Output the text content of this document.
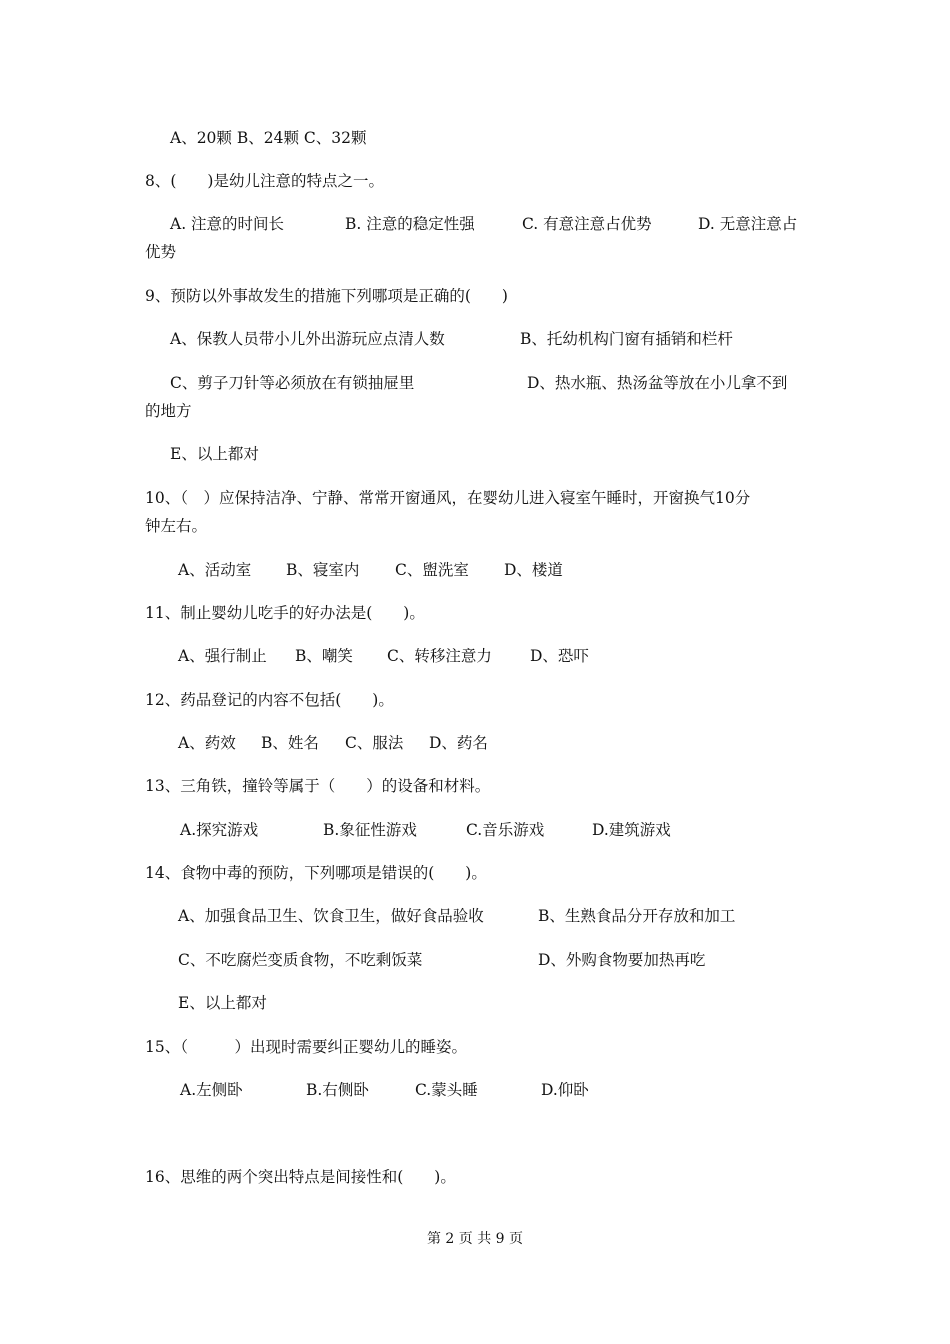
A、20颗 B、24颗 C、32颗
8、(　　)是幼儿注意的特点之一。
A. 注意的时间长	B. 注意的稳定性强	C. 有意注意占优势	D. 无意注意占
优势
9、预防以外事故发生的措施下列哪项是正确的(　　)
A、保教人员带小儿外出游玩应点清人数	B、托幼机构门窗有插销和栏杆
C、剪子刀针等必须放在有锁抽屉里	D、热水瓶、热汤盆等放在小儿拿不到
的地方
E、以上都对
10、（　）应保持洁净、宁静、常常开窗通风，在婴幼儿进入寝室午睡时，开窗换气10分
钟左右。
A、活动室 B、寝室内 C、盥洗室 D、楼道
11、制止婴幼儿吃手的好办法是(　　)。
A、强行制止 B、嘲笑 C、转移注意力 D、恐吓
12、药品登记的内容不包括(　　)。
A、药效 B、姓名 C、服法 D、药名
13、三角铁，撞铃等属于（　　）的设备和材料。
A.探究游戏	B.象征性游戏	C.音乐游戏	D.建筑游戏
14、食物中毒的预防，下列哪项是错误的(　　)。
A、加强食品卫生、饮食卫生，做好食品验收	B、生熟食品分开存放和加工
C、不吃腐烂变质食物，不吃剩饭菜	D、外购食物要加热再吃
E、以上都对
15、（　　　）出现时需要纠正婴幼儿的睡姿。
A.左侧卧	B.右侧卧	C.蒙头睡	D.仰卧
16、思维的两个突出特点是间接性和(　　)。
第 2 页 共 9 页
